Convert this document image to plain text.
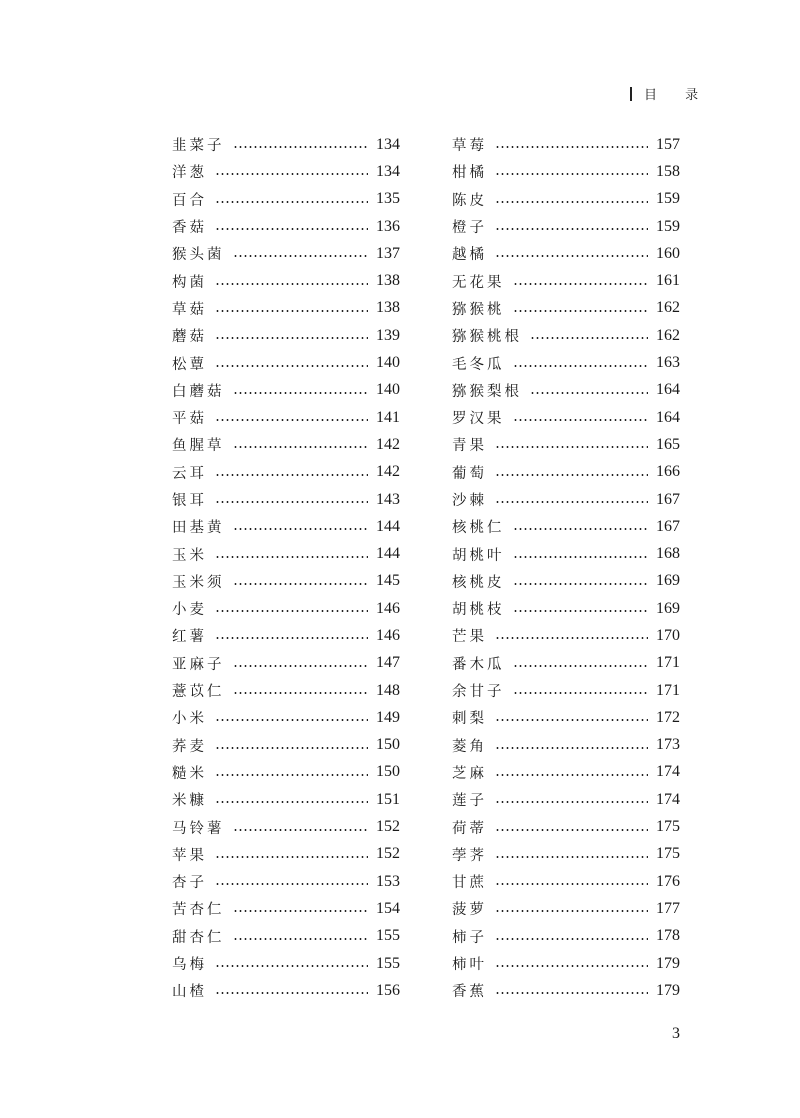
目 录
韭菜子	134
洋葱	134
百合	135
香菇	136
猴头菌	137
构菌	138
草菇	138
蘑菇	139
松蕈	140
白蘑菇	140
平菇	141
鱼腥草	142
云耳	142
银耳	143
田基黄	144
玉米	144
玉米须	145
小麦	146
红薯	146
亚麻子	147
薏苡仁	148
小米	149
荞麦	150
糙米	150
米糠	151
马铃薯	152
苹果	152
杏子	153
苦杏仁	154
甜杏仁	155
乌梅	155
山楂	156
草莓	157
柑橘	158
陈皮	159
橙子	159
越橘	160
无花果	161
猕猴桃	162
猕猴桃根	162
毛冬瓜	163
猕猴梨根	164
罗汉果	164
青果	165
葡萄	166
沙棘	167
核桃仁	167
胡桃叶	168
核桃皮	169
胡桃枝	169
芒果	170
番木瓜	171
余甘子	171
刺梨	172
菱角	173
芝麻	174
莲子	174
荷蒂	175
荸荠	175
甘蔗	176
菠萝	177
柿子	178
柿叶	179
香蕉	179
3
